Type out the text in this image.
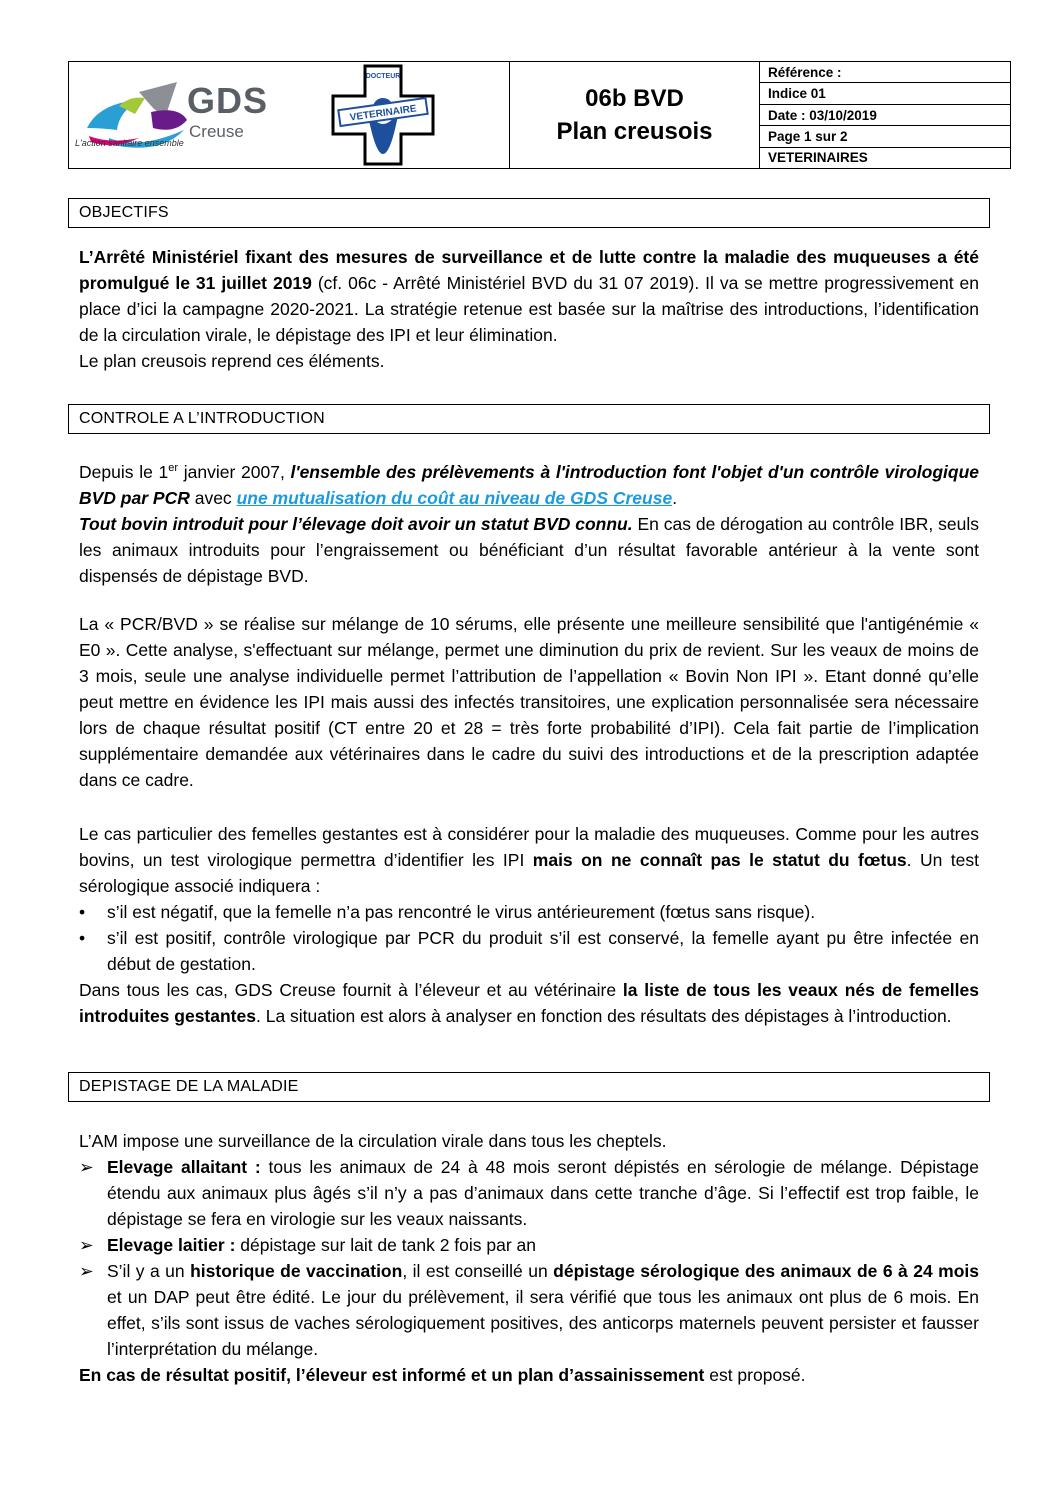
GDS
Creuse
L'action sanitaire ensemble
VETERINAIRE
DOCTEUR
06b BVD
Plan creusois
Référence :
Indice 01
Date : 03/10/2019
Page 1 sur 2
VETERINAIRES
OBJECTIFS
L’Arrêté Ministériel fixant des mesures de surveillance et de lutte contre la maladie des muqueuses a été promulgué le 31 juillet 2019 (cf. 06c - Arrêté Ministériel BVD du 31 07 2019). Il va se mettre progressivement en place d’ici la campagne 2020-2021. La stratégie retenue est basée sur la maîtrise des introductions, l’identification de la circulation virale, le dépistage des IPI et leur élimination.
Le plan creusois reprend ces éléments.
CONTROLE A L’INTRODUCTION
Depuis le 1er janvier 2007, l'ensemble des prélèvements à l'introduction font l'objet d'un contrôle virologique BVD par PCR avec une mutualisation du coût au niveau de GDS Creuse.
Tout bovin introduit pour l’élevage doit avoir un statut BVD connu. En cas de dérogation au contrôle IBR, seuls les animaux introduits pour l’engraissement ou bénéficiant d’un résultat favorable antérieur à la vente sont dispensés de dépistage BVD.
La « PCR/BVD » se réalise sur mélange de 10 sérums, elle présente une meilleure sensibilité que l'antigénémie « E0 ». Cette analyse, s'effectuant sur mélange, permet une diminution du prix de revient. Sur les veaux de moins de 3 mois, seule une analyse individuelle permet l’attribution de l’appellation « Bovin Non IPI ». Etant donné qu’elle peut mettre en évidence les IPI mais aussi des infectés transitoires, une explication personnalisée sera nécessaire lors de chaque résultat positif (CT entre 20 et 28 = très forte probabilité d’IPI). Cela fait partie de l’implication supplémentaire demandée aux vétérinaires dans le cadre du suivi des introductions et de la prescription adaptée dans ce cadre.
Le cas particulier des femelles gestantes est à considérer pour la maladie des muqueuses. Comme pour les autres bovins, un test virologique permettra d’identifier les IPI mais on ne connaît pas le statut du fœtus. Un test sérologique associé indiquera :
• s’il est négatif, que la femelle n’a pas rencontré le virus antérieurement (fœtus sans risque).
• s’il est positif, contrôle virologique par PCR du produit s’il est conservé, la femelle ayant pu être infectée en début de gestation.
Dans tous les cas, GDS Creuse fournit à l’éleveur et au vétérinaire la liste de tous les veaux nés de femelles introduites gestantes. La situation est alors à analyser en fonction des résultats des dépistages à l’introduction.
DEPISTAGE DE LA MALADIE
L’AM impose une surveillance de la circulation virale dans tous les cheptels.
➢ Elevage allaitant : tous les animaux de 24 à 48 mois seront dépistés en sérologie de mélange. Dépistage étendu aux animaux plus âgés s’il n’y a pas d’animaux dans cette tranche d’âge. Si l’effectif est trop faible, le dépistage se fera en virologie sur les veaux naissants.
➢ Elevage laitier : dépistage sur lait de tank 2 fois par an
➢ S’il y a un historique de vaccination, il est conseillé un dépistage sérologique des animaux de 6 à 24 mois et un DAP peut être édité. Le jour du prélèvement, il sera vérifié que tous les animaux ont plus de 6 mois. En effet, s’ils sont issus de vaches sérologiquement positives, des anticorps maternels peuvent persister et fausser l’interprétation du mélange.
En cas de résultat positif, l’éleveur est informé et un plan d’assainissement est proposé.
